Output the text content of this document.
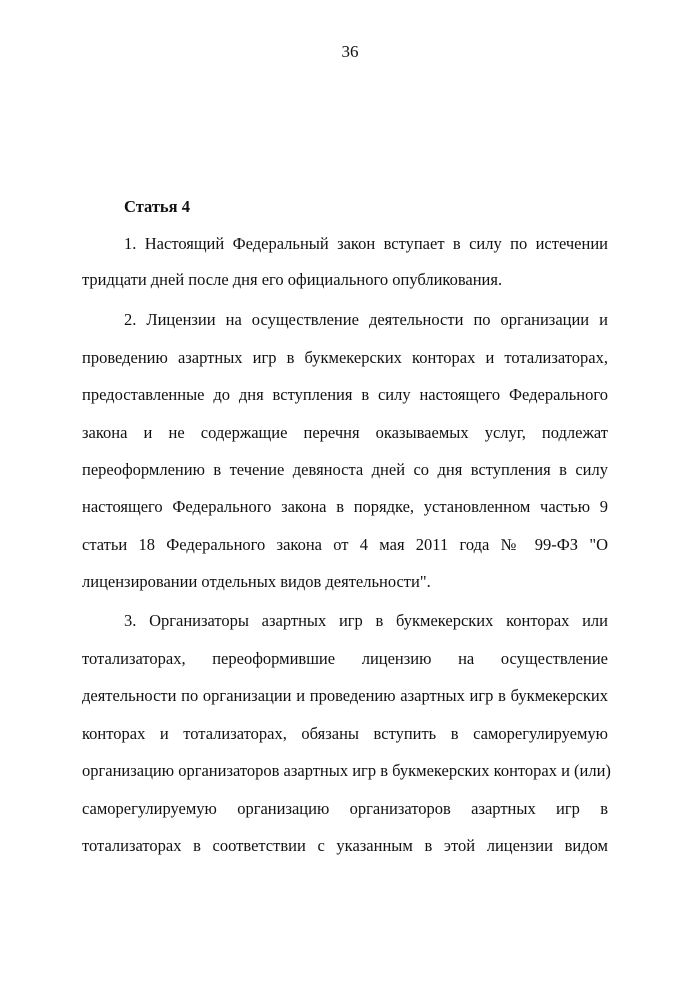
36
Статья 4
1. Настоящий Федеральный закон вступает в силу по истечении
тридцати дней после дня его официального опубликования.
2. Лицензии на осуществление деятельности по организации и
проведению азартных игр в букмекерских конторах и тотализаторах,
предоставленные до дня вступления в силу настоящего Федерального
закона и не содержащие перечня оказываемых услуг, подлежат
переоформлению в течение девяноста дней со дня вступления в силу
настоящего Федерального закона в порядке, установленном частью 9
статьи 18 Федерального закона от 4 мая 2011 года № 99-ФЗ "О
лицензировании отдельных видов деятельности".
3. Организаторы азартных игр в букмекерских конторах или
тотализаторах, переоформившие лицензию на осуществление
деятельности по организации и проведению азартных игр в букмекерских
конторах и тотализаторах, обязаны вступить в саморегулируемую
организацию организаторов азартных игр в букмекерских конторах и (или)
саморегулируемую организацию организаторов азартных игр в
тотализаторах в соответствии с указанным в этой лицензии видом
